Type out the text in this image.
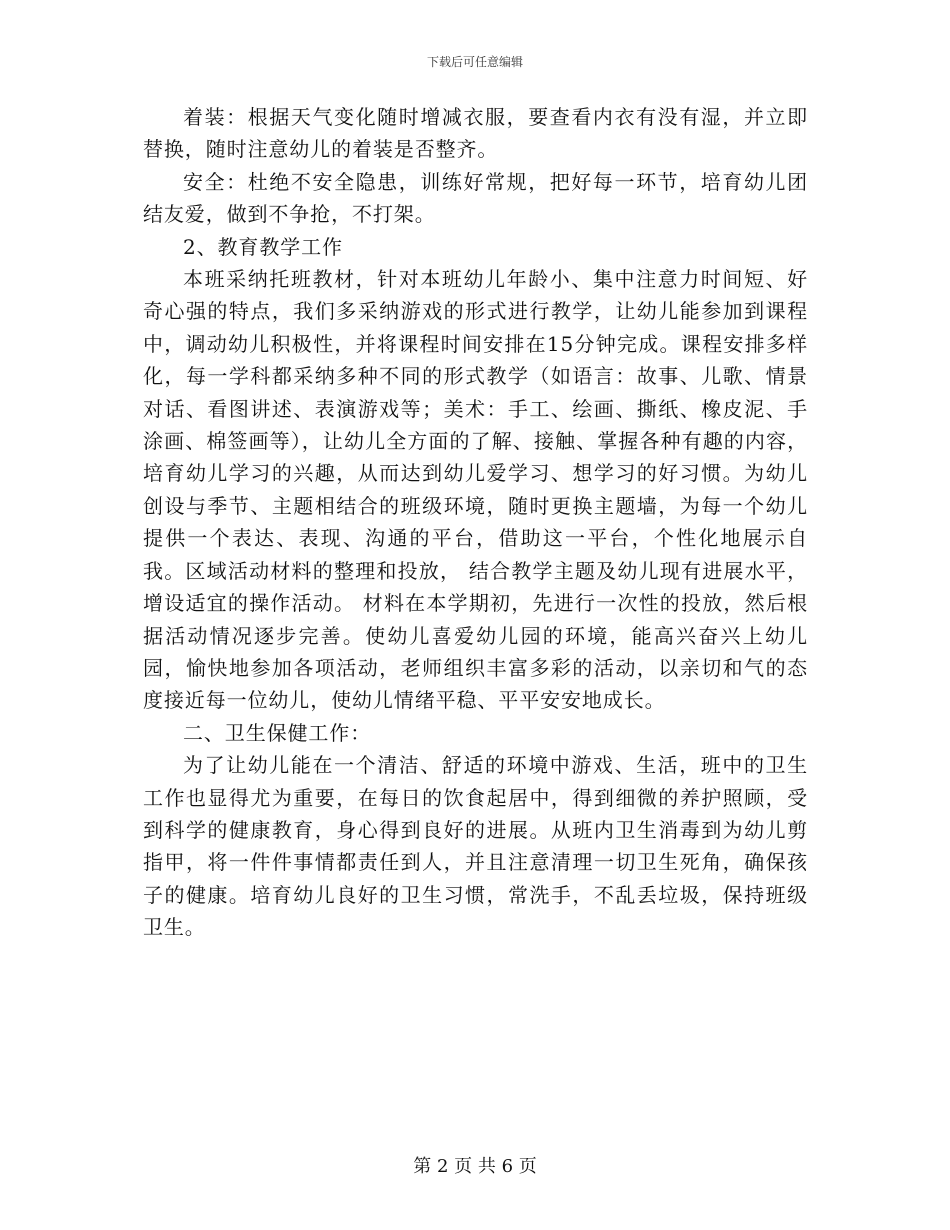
下载后可任意编辑

着装：根据天气变化随时增减衣服，要查看内衣有没有湿，并立即替换，随时注意幼儿的着装是否整齐。

安全：杜绝不安全隐患，训练好常规，把好每一环节，培育幼儿团结友爱，做到不争抢，不打架。

2、教育教学工作

本班采纳托班教材，针对本班幼儿年龄小、集中注意力时间短、好奇心强的特点，我们多采纳游戏的形式进行教学，让幼儿能参加到课程中，调动幼儿积极性，并将课程时间安排在15分钟完成。课程安排多样化，每一学科都采纳多种不同的形式教学（如语言：故事、儿歌、情景对话、看图讲述、表演游戏等；美术：手工、绘画、撕纸、橡皮泥、手涂画、棉签画等），让幼儿全方面的了解、接触、掌握各种有趣的内容，培育幼儿学习的兴趣，从而达到幼儿爱学习、想学习的好习惯。为幼儿创设与季节、主题相结合的班级环境，随时更换主题墙，为每一个幼儿提供一个表达、表现、沟通的平台，借助这一平台，个性化地展示自我。区域活动材料的整理和投放， 结合教学主题及幼儿现有进展水平，增设适宜的操作活动。 材料在本学期初，先进行一次性的投放，然后根据活动情况逐步完善。使幼儿喜爱幼儿园的环境，能高兴奋兴上幼儿园，愉快地参加各项活动，老师组织丰富多彩的活动，以亲切和气的态度接近每一位幼儿，使幼儿情绪平稳、平平安安地成长。

二、卫生保健工作：

为了让幼儿能在一个清洁、舒适的环境中游戏、生活，班中的卫生工作也显得尤为重要，在每日的饮食起居中，得到细微的养护照顾，受到科学的健康教育，身心得到良好的进展。从班内卫生消毒到为幼儿剪指甲，将一件件事情都责任到人，并且注意清理一切卫生死角，确保孩子的健康。培育幼儿良好的卫生习惯，常洗手，不乱丢垃圾，保持班级卫生。

第 2 页 共 6 页
